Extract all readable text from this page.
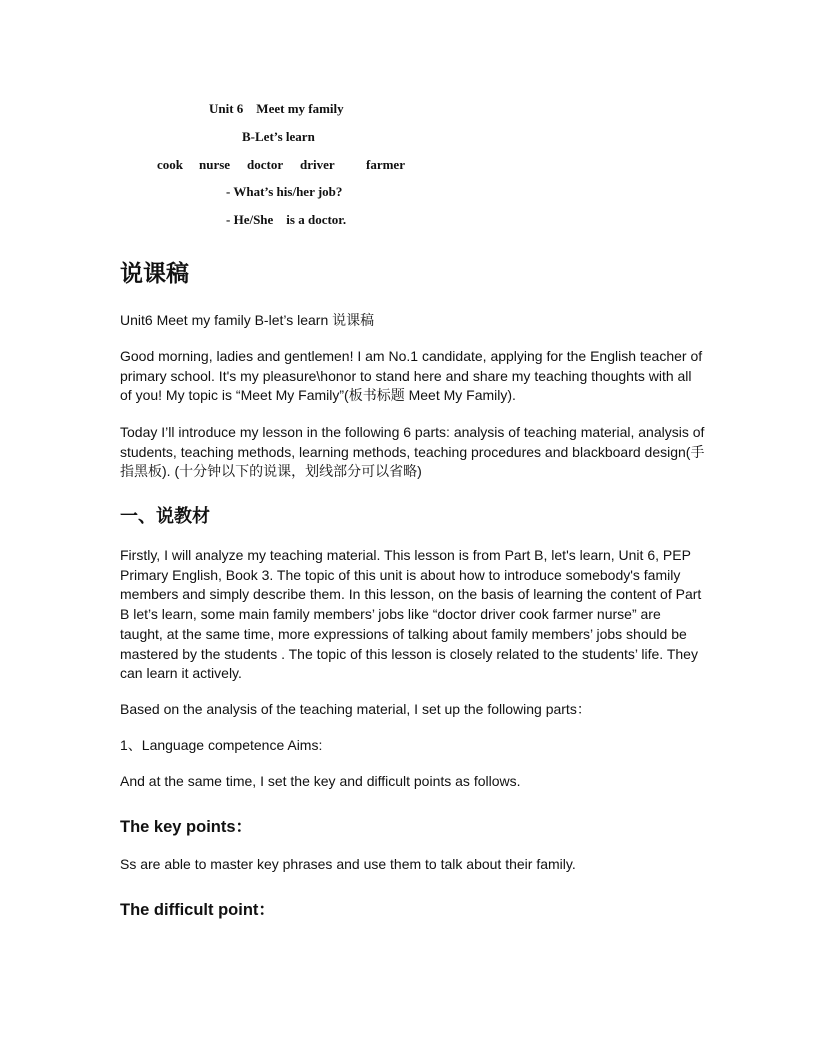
Unit 6    Meet my family
B-Let’s learn
cook nurse doctor driver farmer
- What’s his/her job?
- He/She    is a doctor.
说课稿

Unit6 Meet my family B-let’s learn 说课稿

Good morning, ladies and gentlemen! I am No.1 candidate, applying for the English teacher of primary school. It's my pleasure\honor to stand here and share my teaching thoughts with all of you! My topic is “Meet My Family”(板书标题 Meet My Family).

Today I’ll introduce my lesson in the following 6 parts: analysis of teaching material, analysis of students, teaching methods, learning methods, teaching procedures and blackboard design(手指黑板). (十分钟以下的说课，划线部分可以省略)

一、说教材

Firstly, I will analyze my teaching material. This lesson is from Part B, let's learn, Unit 6, PEP Primary English, Book 3. The topic of this unit is about how to introduce somebody's family members and simply describe them. In this lesson, on the basis of learning the content of Part B let’s learn, some main family members’ jobs like “doctor driver cook farmer nurse” are taught, at the same time, more expressions of talking about family members’ jobs should be mastered by the students . The topic of this lesson is closely related to the students’ life. They can learn it actively.

Based on the analysis of the teaching material, I set up the following parts：

1、Language competence Aims:

And at the same time, I set the key and difficult points as follows.

The key points：

Ss are able to master key phrases and use them to talk about their family.

The difficult point：
